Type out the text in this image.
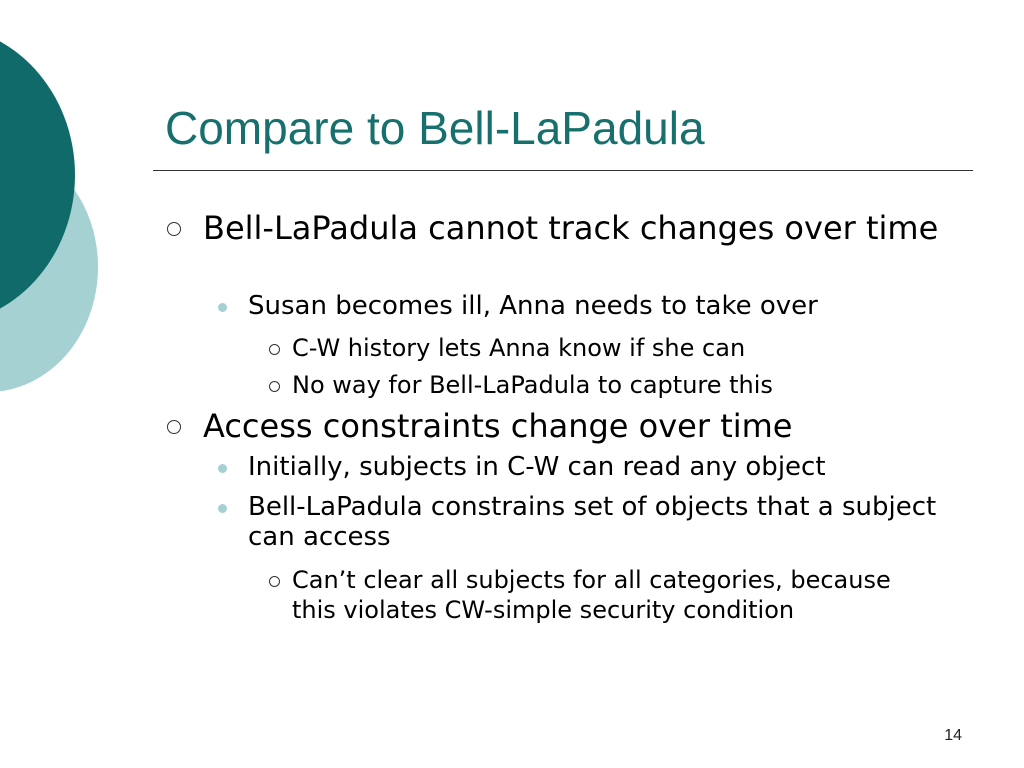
Compare to Bell-LaPadula
Bell-LaPadula cannot track changes over time
Susan becomes ill, Anna needs to take over
C-W history lets Anna know if she can
No way for Bell-LaPadula to capture this
Access constraints change over time
Initially, subjects in C-W can read any object
Bell-LaPadula constrains set of objects that a subject can access
Can’t clear all subjects for all categories, because this violates CW-simple security condition
14
